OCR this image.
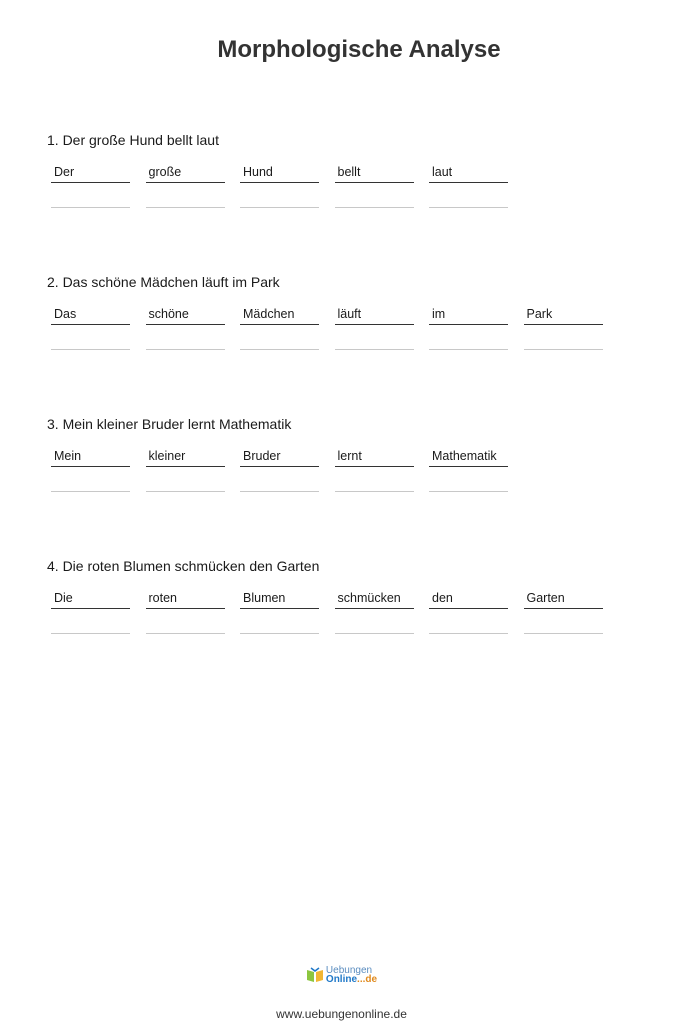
Morphologische Analyse

1. Der große Hund bellt laut

Der	große	Hund	bellt	laut

2. Das schöne Mädchen läuft im Park

Das	schöne	Mädchen	läuft	im	Park

3. Mein kleiner Bruder lernt Mathematik

Mein	kleiner	Bruder	lernt	Mathematik

4. Die roten Blumen schmücken den Garten

Die	roten	Blumen	schmücken	den	Garten
Uebungen
Online...de
www.uebungenonline.de
